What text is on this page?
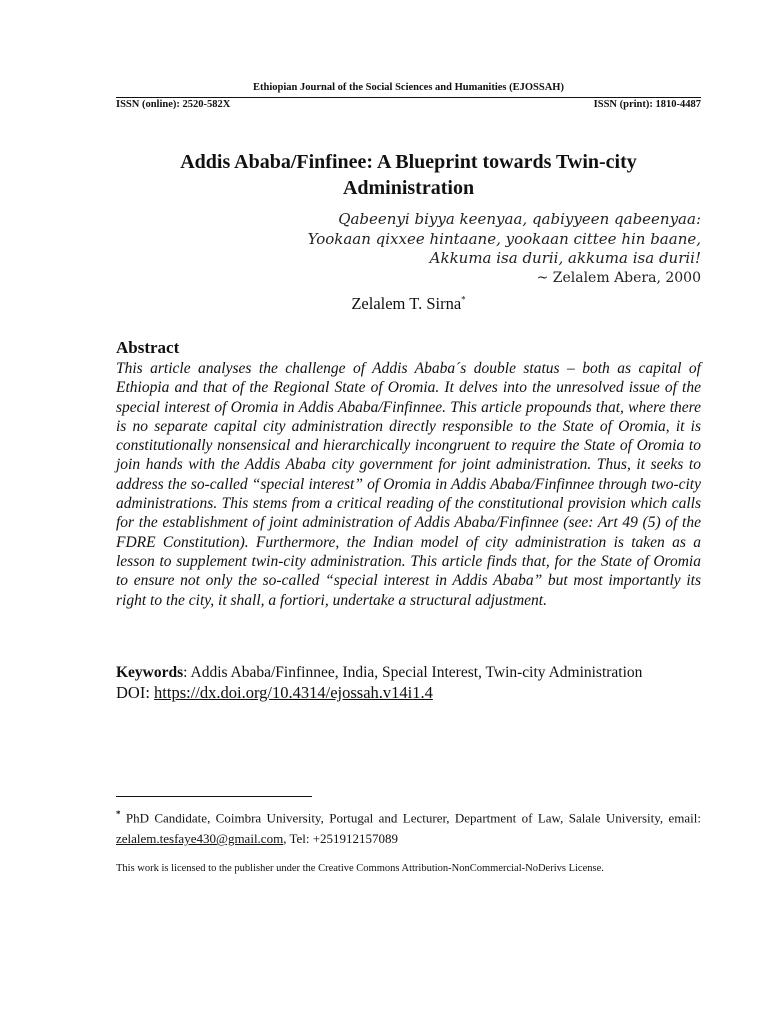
Ethiopian Journal of the Social Sciences and Humanities (EJOSSAH)
ISSN (online): 2520-582X	ISSN (print): 1810-4487
Addis Ababa/Finfinee: A Blueprint towards Twin-city Administration
Qabeenyi biyya keenyaa, qabiyyeen qabeenyaa:
Yookaan qixxee hintaane, yookaan cittee hin baane,
Akkuma isa durii, akkuma isa durii!
~ Zelalem Abera, 2000
Zelalem T. Sirna*
Abstract
This article analyses the challenge of Addis Ababa´s double status – both as capital of Ethiopia and that of the Regional State of Oromia. It delves into the unresolved issue of the special interest of Oromia in Addis Ababa/Finfinnee. This article propounds that, where there is no separate capital city administration directly responsible to the State of Oromia, it is constitutionally nonsensical and hierarchically incongruent to require the State of Oromia to join hands with the Addis Ababa city government for joint administration. Thus, it seeks to address the so-called “special interest” of Oromia in Addis Ababa/Finfinnee through two-city administrations. This stems from a critical reading of the constitutional provision which calls for the establishment of joint administration of Addis Ababa/Finfinnee (see: Art 49 (5) of the FDRE Constitution). Furthermore, the Indian model of city administration is taken as a lesson to supplement twin-city administration. This article finds that, for the State of Oromia to ensure not only the so-called “special interest in Addis Ababa” but most importantly its right to the city, it shall, a fortiori, undertake a structural adjustment.
Keywords: Addis Ababa/Finfinnee, India, Special Interest, Twin-city Administration
DOI: https://dx.doi.org/10.4314/ejossah.v14i1.4
* PhD Candidate, Coimbra University, Portugal and Lecturer, Department of Law, Salale University, email: zelalem.tesfaye430@gmail.com, Tel: +251912157089
This work is licensed to the publisher under the Creative Commons Attribution-NonCommercial-NoDerivs License.
